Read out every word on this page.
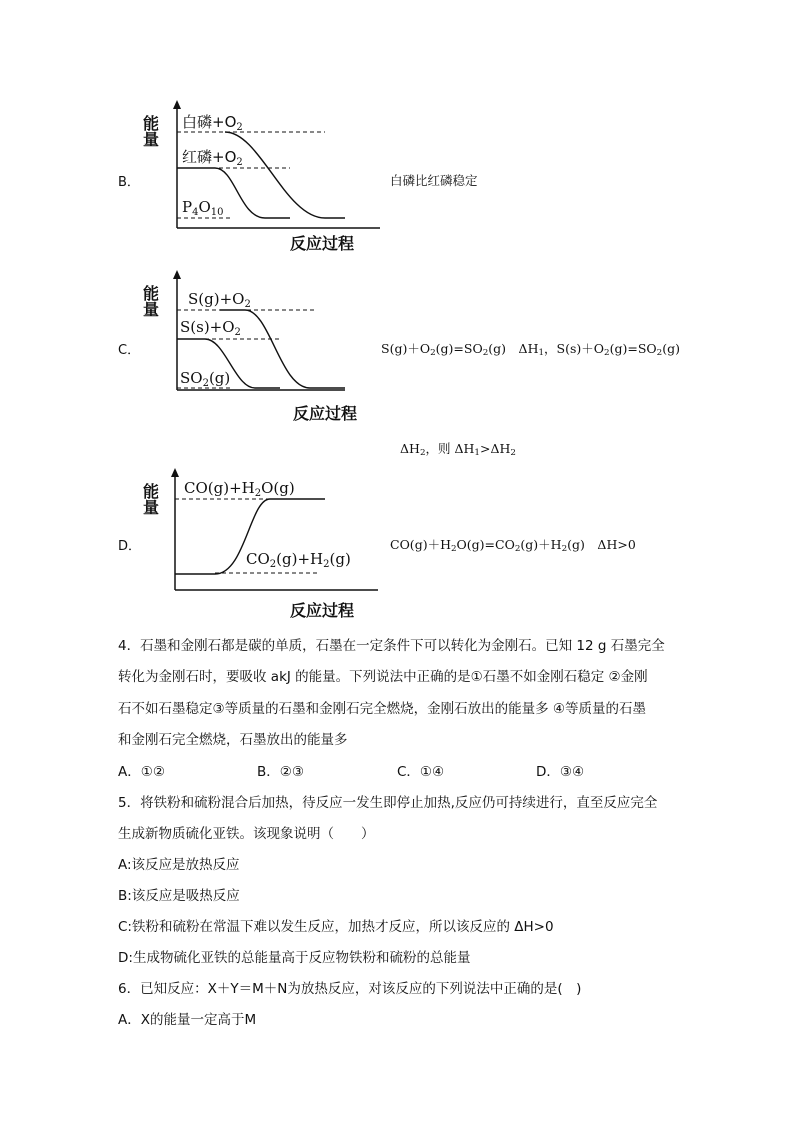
B．
能量 白磷$+O_2$
红磷$+O_2$
$P_4O_{10}$
反应过程
白磷比红磷稳定
C．
能量 $S(g)+O_2$
$S(s)+O_2$
$SO_2(g)$
反应过程
$S(g)+O_2(g)=SO_2(g)$　$\Delta H_1$，$S(s)+O_2(g)=SO_2(g)$
$\Delta H_2$，则 $\Delta H_1>\Delta H_2$
D．
能量 $CO(g)+H_2O(g)$
$CO_2(g)+H_2(g)$
反应过程
$CO(g)+H_2O(g)=CO_2(g)+H_2(g)$　ΔH>0
4．石墨和金刚石都是碳的单质，石墨在一定条件下可以转化为金刚石。已知 12 g 石墨完全
转化为金刚石时，要吸收 akJ 的能量。下列说法中正确的是①石墨不如金刚石稳定 ②金刚
石不如石墨稳定③等质量的石墨和金刚石完全燃烧，金刚石放出的能量多 ④等质量的石墨
和金刚石完全燃烧，石墨放出的能量多
A．①②	B．②③	C．①④	D．③④
5．将铁粉和硫粉混合后加热，待反应一发生即停止加热,反应仍可持续进行，直至反应完全
生成新物质硫化亚铁。该现象说明（　　）
A:该反应是放热反应
B:该反应是吸热反应
C:铁粉和硫粉在常温下难以发生反应，加热才反应，所以该反应的 ΔH>0
D:生成物硫化亚铁的总能量高于反应物铁粉和硫粉的总能量
6．已知反应：X＋Y＝M＋N为放热反应，对该反应的下列说法中正确的是(　)
A．X的能量一定高于M
